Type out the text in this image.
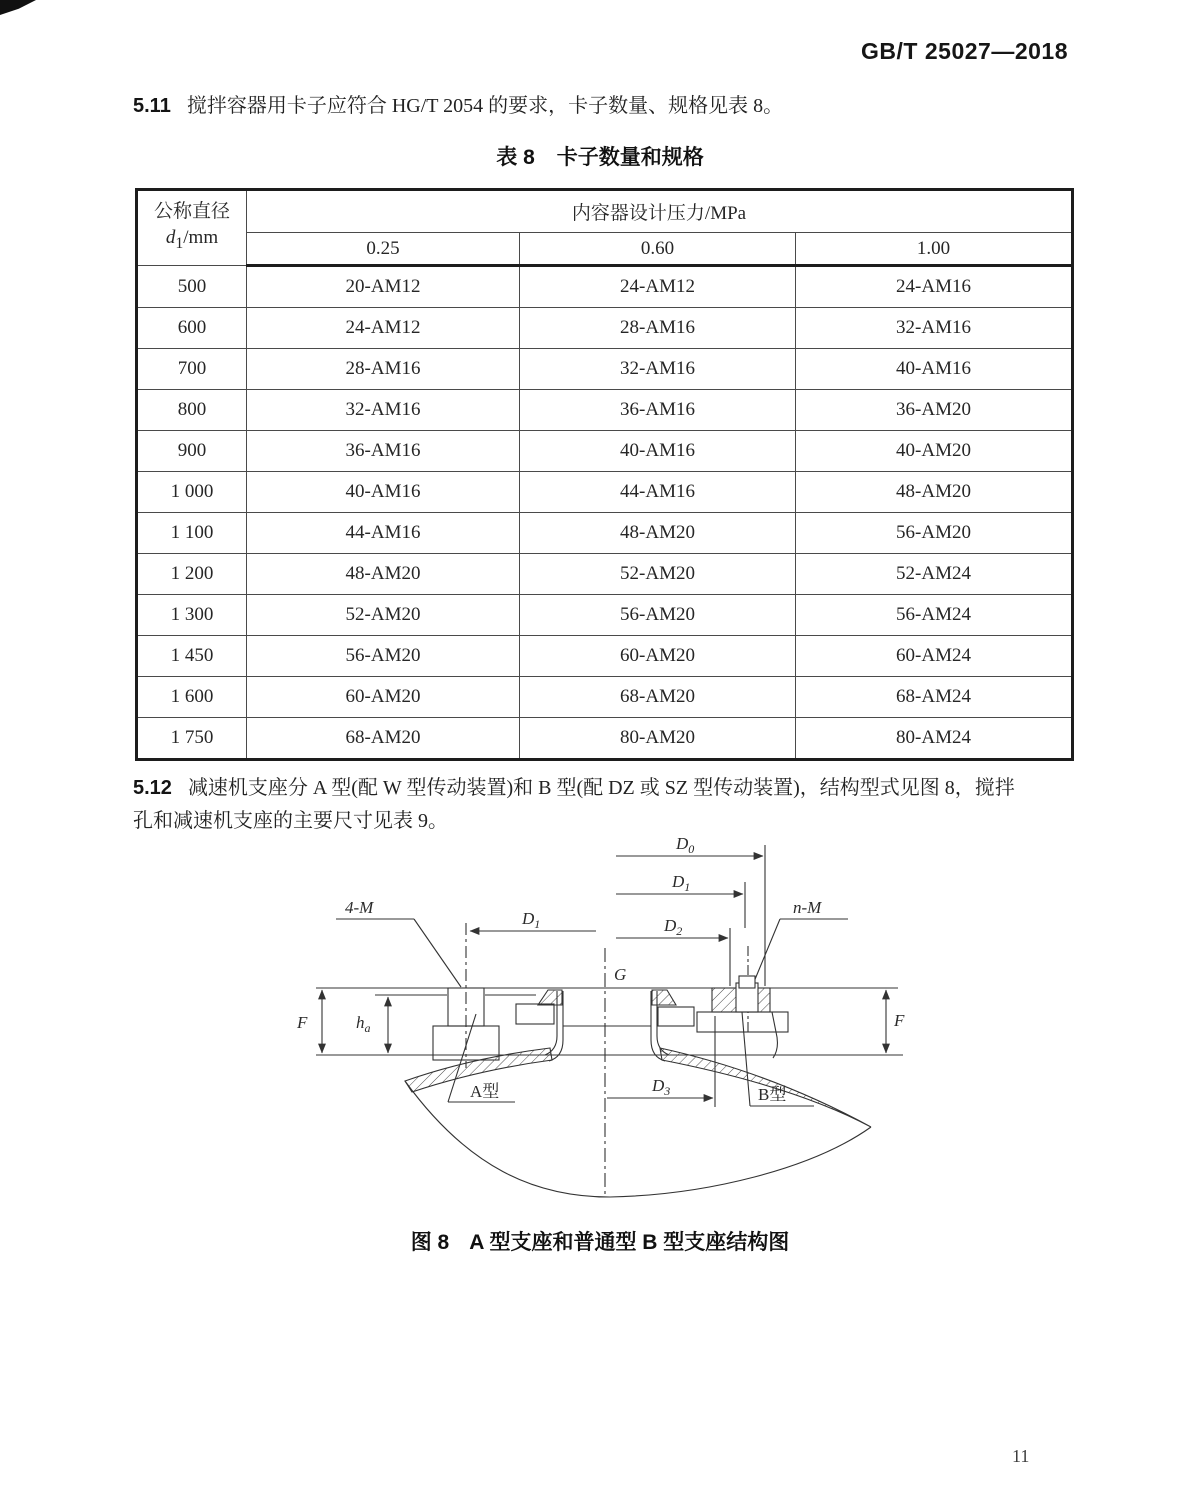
GB/T 25027—2018
5.11 搅拌容器用卡子应符合 HG/T 2054 的要求，卡子数量、规格见表 8。
表 8 卡子数量和规格
公称直径
$d_1/mm$	内容器设计压力/MPa		
	0.25	0.60	1.00
500	20-AM12	24-AM12	24-AM16
600	24-AM12	28-AM16	32-AM16
700	28-AM16	32-AM16	40-AM16
800	32-AM16	36-AM16	36-AM20
900	36-AM16	40-AM16	40-AM20
1 000	40-AM16	44-AM16	48-AM20
1 100	44-AM16	48-AM20	56-AM20
1 200	48-AM20	52-AM20	52-AM24
1 300	52-AM20	56-AM20	56-AM24
1 450	56-AM20	60-AM20	60-AM24
1 600	60-AM20	68-AM20	68-AM24
1 750	68-AM20	80-AM20	80-AM24
5.12 减速机支座分 A 型(配 W 型传动装置)和 B 型(配 DZ 或 SZ 型传动装置)，结构型式见图 8，搅拌
孔和减速机支座的主要尺寸见表 9。
$D_0$
$D_1$
$D_2$
$D_1$
$D_3$
G
F	F
$h_a$
4-M	n-M
A型	B型
图 8 A 型支座和普通型 B 型支座结构图
11
